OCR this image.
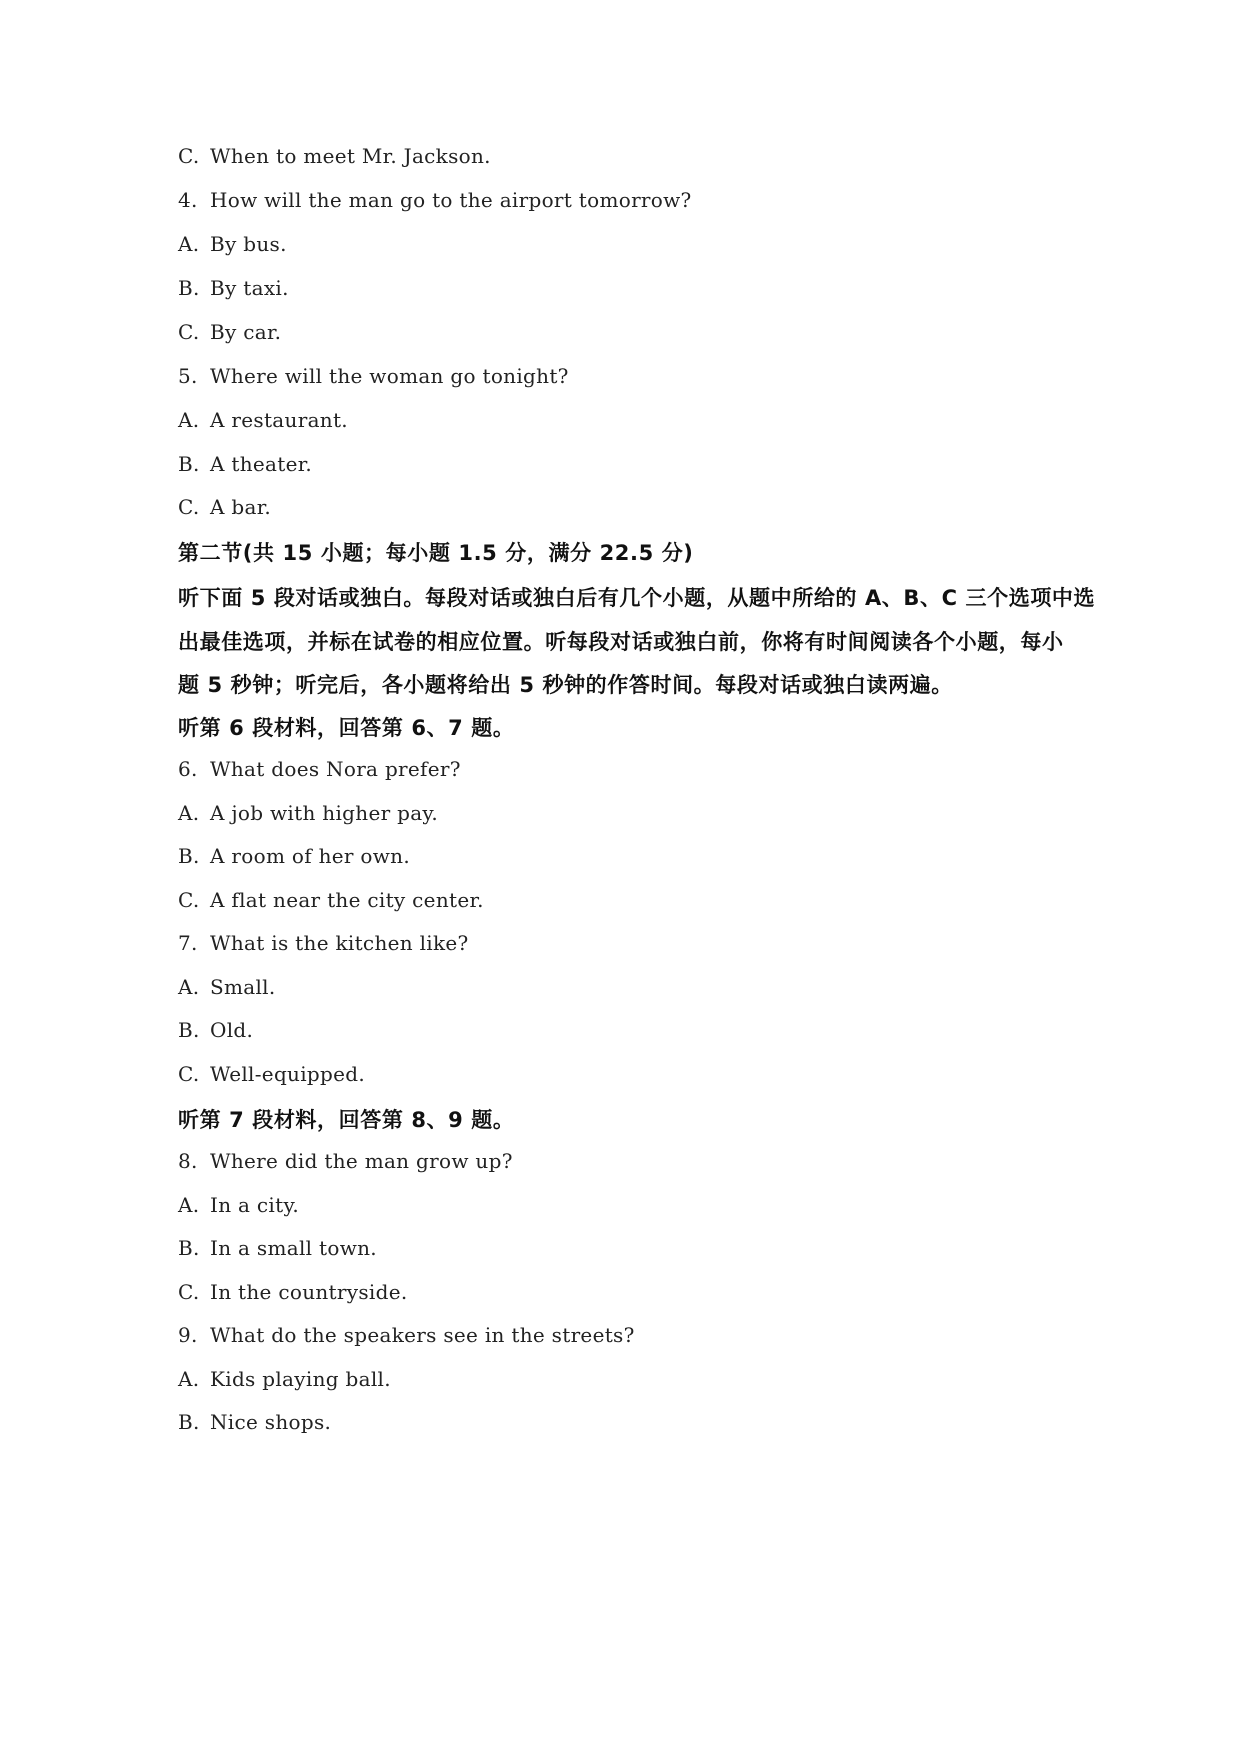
C. When to meet Mr. Jackson.
4. How will the man go to the airport tomorrow?
A. By bus.
B. By taxi.
C. By car.
5. Where will the woman go tonight?
A. A restaurant.
B. A theater.
C. A bar.
第二节(共 15 小题；每小题 1.5 分，满分 22.5 分)
听下面 5 段对话或独白。每段对话或独白后有几个小题，从题中所给的 A、B、C 三个选项中选
出最佳选项，并标在试卷的相应位置。听每段对话或独白前，你将有时间阅读各个小题，每小
题 5 秒钟；听完后，各小题将给出 5 秒钟的作答时间。每段对话或独白读两遍。
听第 6 段材料，回答第 6、7 题。
6. What does Nora prefer?
A. A job with higher pay.
B. A room of her own.
C. A flat near the city center.
7. What is the kitchen like?
A. Small.
B. Old.
C. Well-equipped.
听第 7 段材料，回答第 8、9 题。
8. Where did the man grow up?
A. In a city.
B. In a small town.
C. In the countryside.
9. What do the speakers see in the streets?
A. Kids playing ball.
B. Nice shops.
